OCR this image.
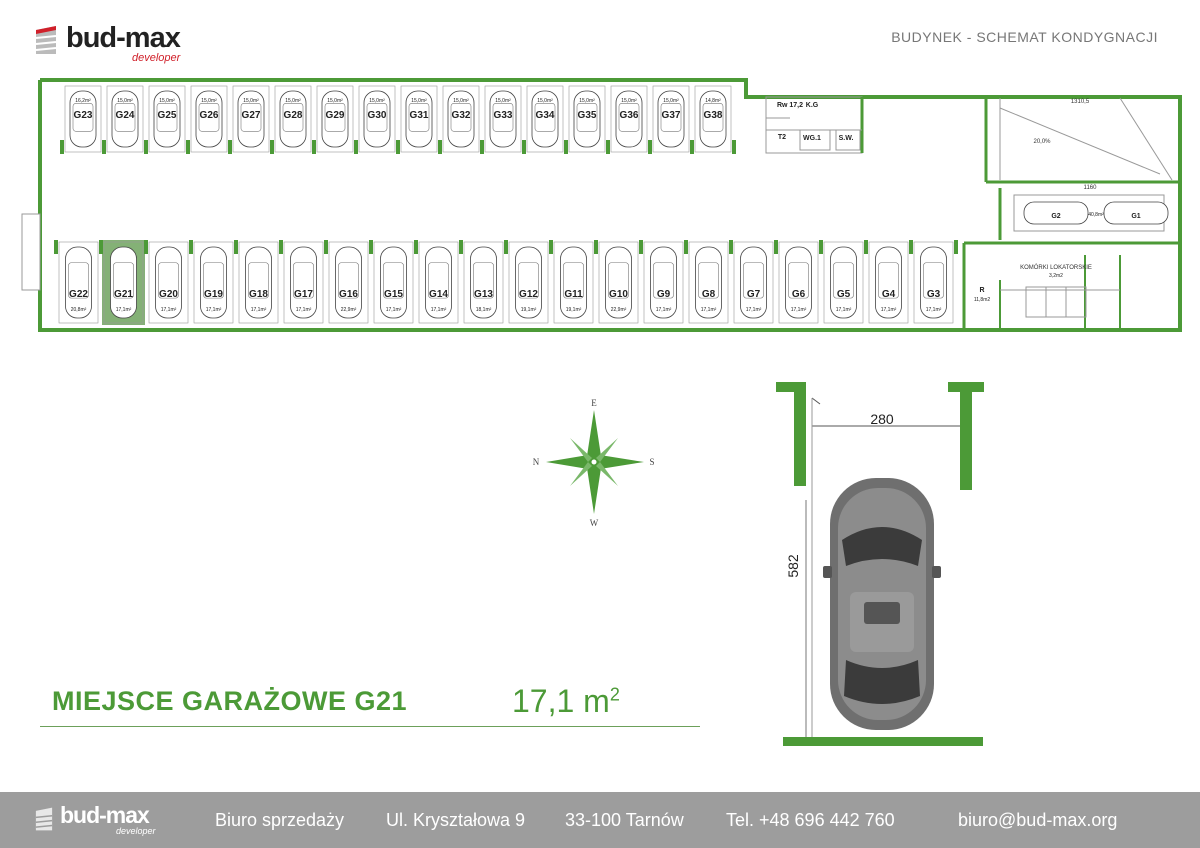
bud-max
developer
BUDYNEK - SCHEMAT KONDYGNACJI
G23
16,2m²
G24
15,0m²
G25
15,0m²
G26
15,0m²
G27
15,0m²
G28
15,0m²
G29
15,0m²
G30
15,0m²
G31
15,0m²
G32
15,0m²
G33
15,0m²
G34
15,0m²
G35
15,0m²
G36
15,0m²
G37
15,0m²
G38
14,8m²
G22
20,8m²
G21
17,1m²
G20
17,1m²
G19
17,1m²
G18
17,1m²
G17
17,1m²
G16
22,9m²
G15
17,1m²
G14
17,1m²
G13
18,1m²
G12
19,1m²
G11
19,1m²
G10
22,9m²
G9
17,1m²
G8
17,1m²
G7
17,1m²
G6
17,1m²
G5
17,1m²
G4
17,1m²
G3
17,1m²
Rw 17,2 K.G
T2 WG.1	S.W.
R
11,8m2
20,0%
1310,5
1160
G2	G1
40,8m²
KOMÓRKI LOKATORSKIE
3,2m2
E
W
N	S
280
582
MIEJSCE GARAŻOWE G21	17,1 $m^2$
bud-max
developer
Biuro sprzedaży Ul. Kryształowa 9 33-100 Tarnów Tel. +48 696 442 760	biuro@bud-max.org
